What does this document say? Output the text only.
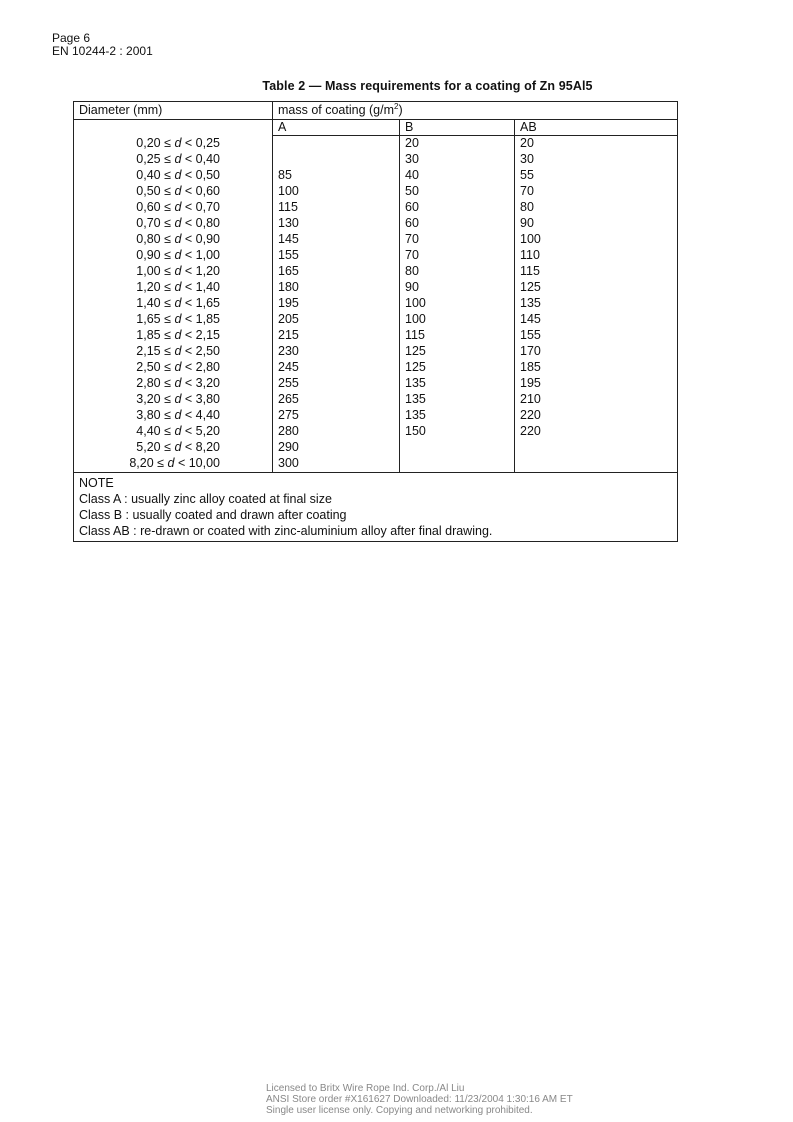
Page 6
EN 10244-2 : 2001
Table 2 — Mass requirements for a coating of Zn 95Al5
Diameter (mm)	mass of coating $(g/m^2)$		
	A	B	AB
0,20 ≤ d < 0,25		20	20
0,25 ≤ d < 0,40		30	30
0,40 ≤ d < 0,50	85	40	55
0,50 ≤ d < 0,60	100	50	70
0,60 ≤ d < 0,70	115	60	80
0,70 ≤ d < 0,80	130	60	90
0,80 ≤ d < 0,90	145	70	100
0,90 ≤ d < 1,00	155	70	110
1,00 ≤ d < 1,20	165	80	115
1,20 ≤ d < 1,40	180	90	125
1,40 ≤ d < 1,65	195	100	135
1,65 ≤ d < 1,85	205	100	145
1,85 ≤ d < 2,15	215	115	155
2,15 ≤ d < 2,50	230	125	170
2,50 ≤ d < 2,80	245	125	185
2,80 ≤ d < 3,20	255	135	195
3,20 ≤ d < 3,80	265	135	210
3,80 ≤ d < 4,40	275	135	220
4,40 ≤ d < 5,20	280	150	220
5,20 ≤ d < 8,20	290		
8,20 ≤ d < 10,00	300		

NOTE
Class A : usually zinc alloy coated at final size
Class B : usually coated and drawn after coating
Class AB : re-drawn or coated with zinc-aluminium alloy after final drawing.			
Licensed to Britx Wire Rope Ind. Corp./Al Liu
ANSI Store order #X161627 Downloaded: 11/23/2004 1:30:16 AM ET
Single user license only. Copying and networking prohibited.
